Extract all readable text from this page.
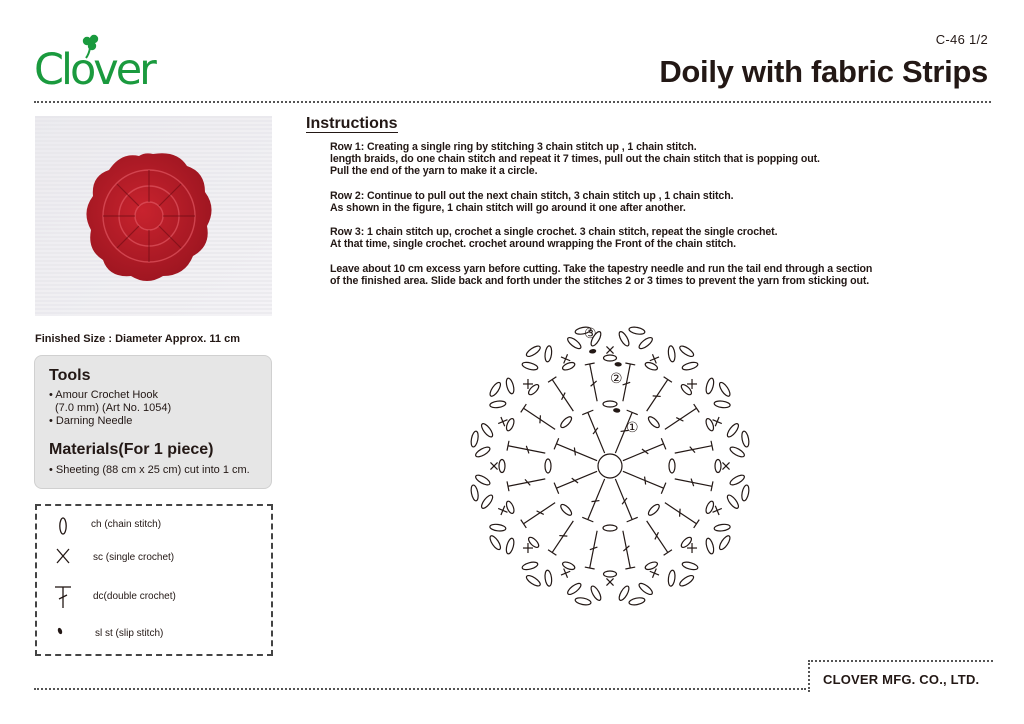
Clover
C-46 1/2
Doily with fabric Strips
Finished Size : Diameter Approx. 11 cm
Tools
• Amour Crochet Hook
(7.0 mm) (Art No. 1054)
• Darning Needle
Materials(For 1 piece)
• Sheeting (88 cm x 25 cm) cut into 1 cm.
ch (chain stitch)
sc (single crochet)
dc(double crochet)
sl st (slip stitch)
Instructions
Row 1: Creating a single ring by stitching 3 chain stitch up , 1 chain stitch.
length braids, do one chain stitch and repeat it 7 times, pull out the chain stitch that is popping out.
Pull the end of the yarn to make it a circle.
Row 2: Continue to pull out the next chain stitch, 3 chain stitch up , 1 chain stitch.
As shown in the figure, 1 chain stitch will go around it one after another.
Row 3: 1 chain stitch up, crochet a single crochet. 3 chain stitch, repeat the single crochet.
At that time, single crochet. crochet around wrapping the Front of the chain stitch.
Leave about 10 cm excess yarn before cutting. Take the tapestry needle and run the tail end through a section
of the finished area. Slide back and forth under the stitches 2 or 3 times to prevent the yarn from sticking out.
③
②
①
CLOVER MFG. CO., LTD.
